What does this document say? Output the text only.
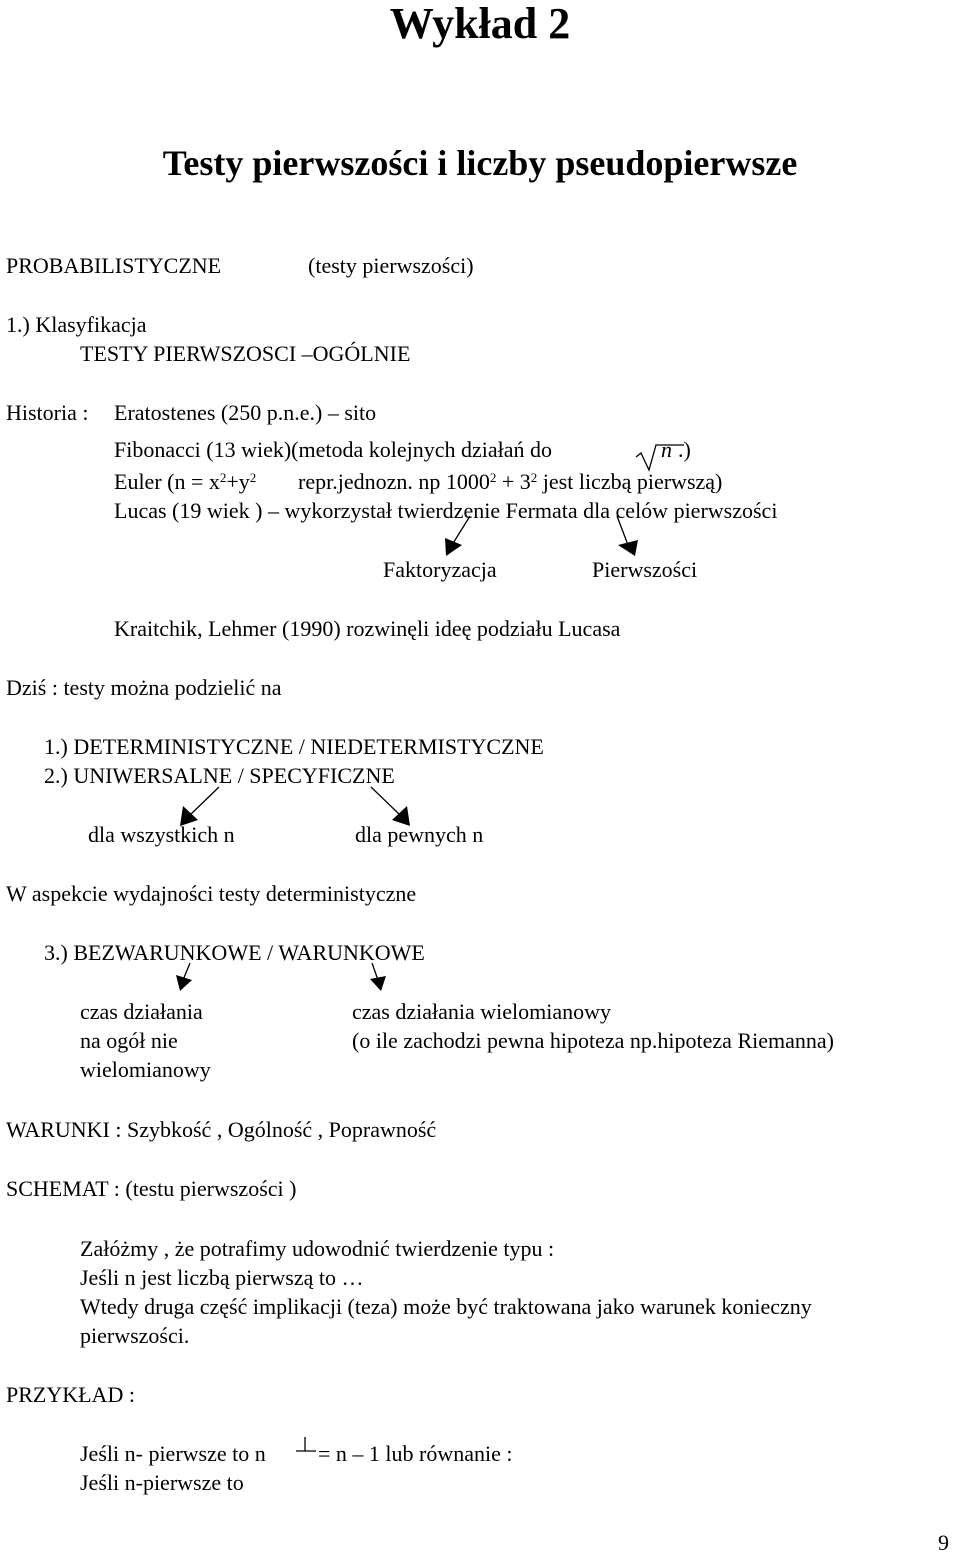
Wykład 2
Testy pierwszości i liczby pseudopierwsze
PROBABILISTYCZNE	(testy pierwszości)
1.) Klasyfikacja
TESTY PIERWSZOSCI –OGÓLNIE
Historia : Eratostenes (250 p.n.e.) – sito
Fibonacci (13 wiek)(metoda kolejnych działań do	n .)
Euler ($n = x^2+y^2$ repr.jednozn. np $1000^2 + 3^2$ jest liczbą pierwszą)
Lucas (19 wiek ) – wykorzystał twierdzenie Fermata dla celów pierwszości
Faktoryzacja	Pierwszości
Kraitchik, Lehmer (1990) rozwinęli ideę podziału Lucasa
Dziś : testy można podzielić na
1.) DETERMINISTYCZNE / NIEDETERMISTYCZNE
2.) UNIWERSALNE / SPECYFICZNE
dla wszystkich n	dla pewnych n
W aspekcie wydajności testy deterministyczne
3.) BEZWARUNKOWE / WARUNKOWE
czas działania
na ogół nie
wielomianowy
czas działania wielomianowy
(o ile zachodzi pewna hipoteza np.hipoteza Riemanna)
WARUNKI : Szybkość , Ogólność , Poprawność
SCHEMAT : (testu pierwszości )
Załóżmy , że potrafimy udowodnić twierdzenie typu :
Jeśli n jest liczbą pierwszą to …
Wtedy druga część implikacji (teza) może być traktowana jako warunek konieczny
pierwszości.
PRZYKŁAD :
Jeśli n- pierwsze to n = n – 1 lub równanie :
Jeśli n-pierwsze to
9
